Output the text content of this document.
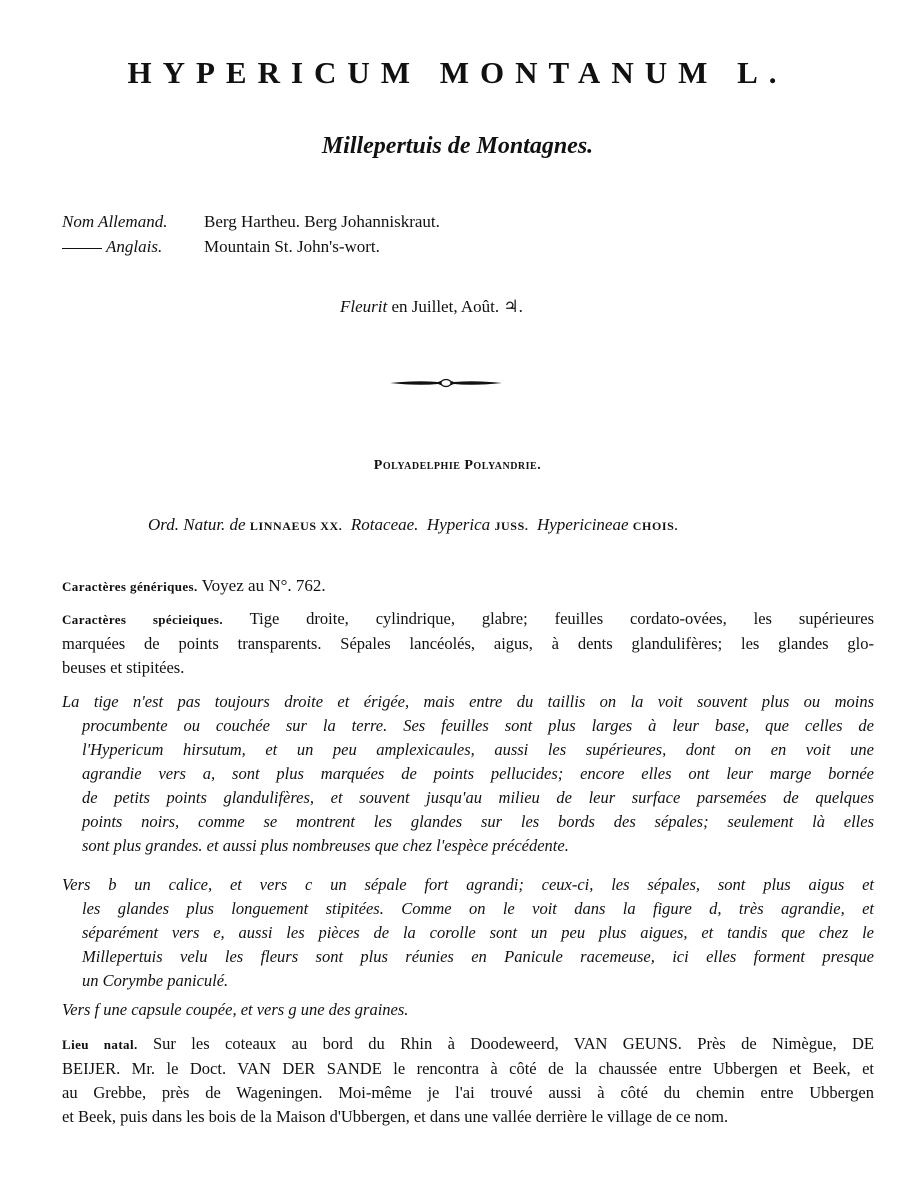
HYPERICUM MONTANUM L.
Millepertuis de Montagnes.
Nom Allemand. Berg Hartheu. Berg Johanniskraut.
Anglais. Mountain St. John's-wort.
Fleurit en Juillet, Août. ♃.
Polyadelphie Polyandrie.
Ord. Natur. de LINNAEUS XX. Rotaceae. Hyperica JUSS. Hypericineae CHOIS.
Caractères génériques. Voyez au N°. 762.
Caractères spécieiques. Tige droite, cylindrique, glabre; feuilles cordato-ovées, les supérieures
marquées de points transparents. Sépales lancéolés, aigus, à dents glandulifères; les glandes glo-
beuses et stipitées.
La tige n'est pas toujours droite et érigée, mais entre du taillis on la voit souvent plus ou moins
procumbente ou couchée sur la terre. Ses feuilles sont plus larges à leur base, que celles de
l'Hypericum hirsutum, et un peu amplexicaules, aussi les supérieures, dont on en voit une
agrandie vers a, sont plus marquées de points pellucides; encore elles ont leur marge bornée
de petits points glandulifères, et souvent jusqu'au milieu de leur surface parsemées de quelques
points noirs, comme se montrent les glandes sur les bords des sépales; seulement là elles
sont plus grandes. et aussi plus nombreuses que chez l'espèce précédente.
Vers b un calice, et vers c un sépale fort agrandi; ceux-ci, les sépales, sont plus aigus et
les glandes plus longuement stipitées. Comme on le voit dans la figure d, très agrandie, et
séparément vers e, aussi les pièces de la corolle sont un peu plus aigues, et tandis que chez le
Millepertuis velu les fleurs sont plus réunies en Panicule racemeuse, ici elles forment presque
un Corymbe paniculé.
Vers f une capsule coupée, et vers g une des graines.
Lieu natal. Sur les coteaux au bord du Rhin à Doodeweerd, VAN GEUNS. Près de Nimègue, DE
BEIJER. Mr. le Doct. VAN DER SANDE le rencontra à côté de la chaussée entre Ubbergen et Beek, et
au Grebbe, près de Wageningen. Moi-même je l'ai trouvé aussi à côté du chemin entre Ubbergen
et Beek, puis dans les bois de la Maison d'Ubbergen, et dans une vallée derrière le village de ce nom.
